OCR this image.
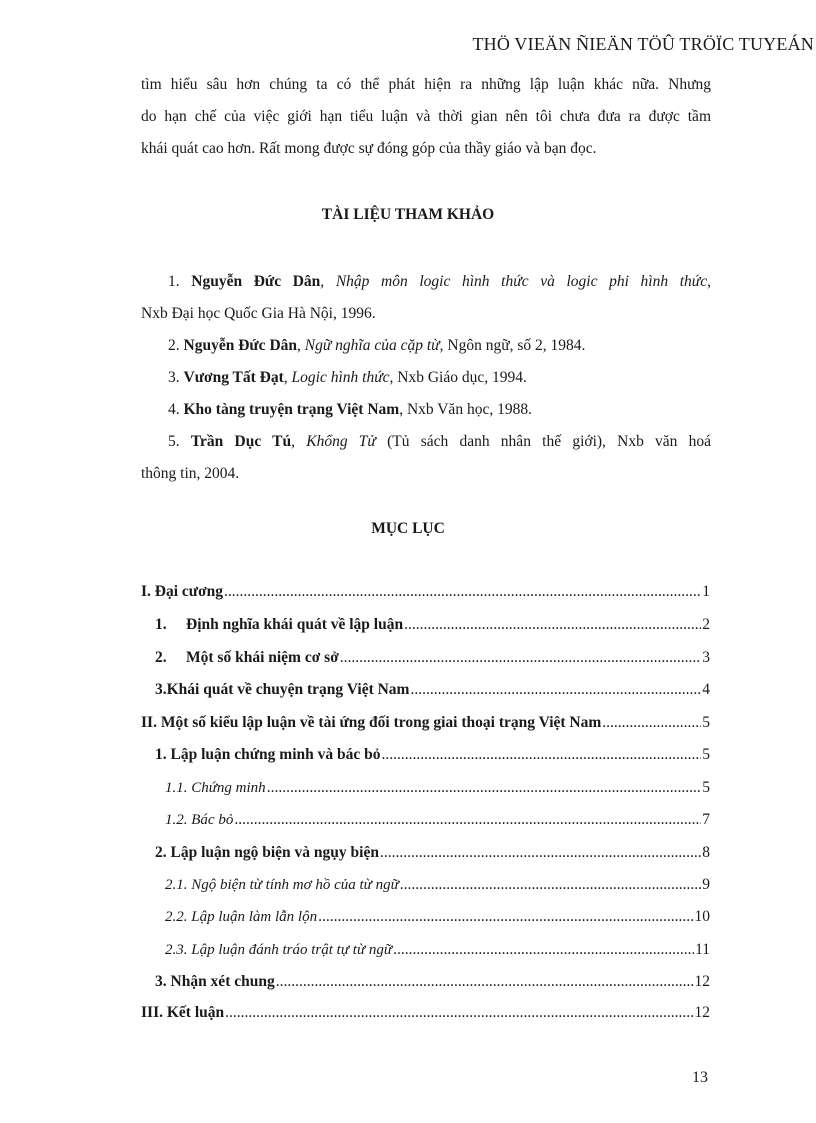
THÖ VIEÄN ÑIEÄN TÖÛ TRÖÏC TUYEÁN
tìm hiểu sâu hơn chúng ta có thể phát hiện ra những lập luận khác nữa. Nhưng
do hạn chế của việc giới hạn tiểu luận và thời gian nên tôi chưa đưa ra được tầm
khái quát cao hơn. Rất mong được sự đóng góp của thầy giáo và bạn đọc.
TÀI LIỆU THAM KHẢO
1. Nguyễn Đức Dân, Nhập môn logic hình thức và logic phi hình thức,
Nxb Đại học Quốc Gia Hà Nội, 1996.
2. Nguyễn Đức Dân, Ngữ nghĩa của cặp từ, Ngôn ngữ, số 2, 1984.
3. Vương Tất Đạt, Logic hình thức, Nxb Giáo dục, 1994.
4. Kho tàng truyện trạng Việt Nam, Nxb Văn học, 1988.
5. Trần Dục Tú, Khổng Tử (Tủ sách danh nhân thế giới), Nxb văn hoá
thông tin, 2004.
MỤC LỤC
I. Đại cương .....	1
1. Định nghĩa khái quát về lập luận .....	2
2. Một số khái niệm cơ sở .....	3
3.Khái quát về chuyện trạng Việt Nam .....	4
II. Một số kiểu lập luận về tài ứng đối trong giai thoại trạng Việt Nam .....	5
1. Lập luận chứng minh và bác bỏ .....	5
1.1. Chứng minh .....	5
1.2. Bác bỏ .....	7
2. Lập luận ngộ biện và ngụy biện .....	8
2.1. Ngộ biện từ tính mơ hồ của từ ngữ .....	9
2.2. Lập luận làm lẫn lộn .....	10
2.3. Lập luận đánh tráo trật tự từ ngữ .....	11
3. Nhận xét chung .....	12
III. Kết luận .....	12
13
